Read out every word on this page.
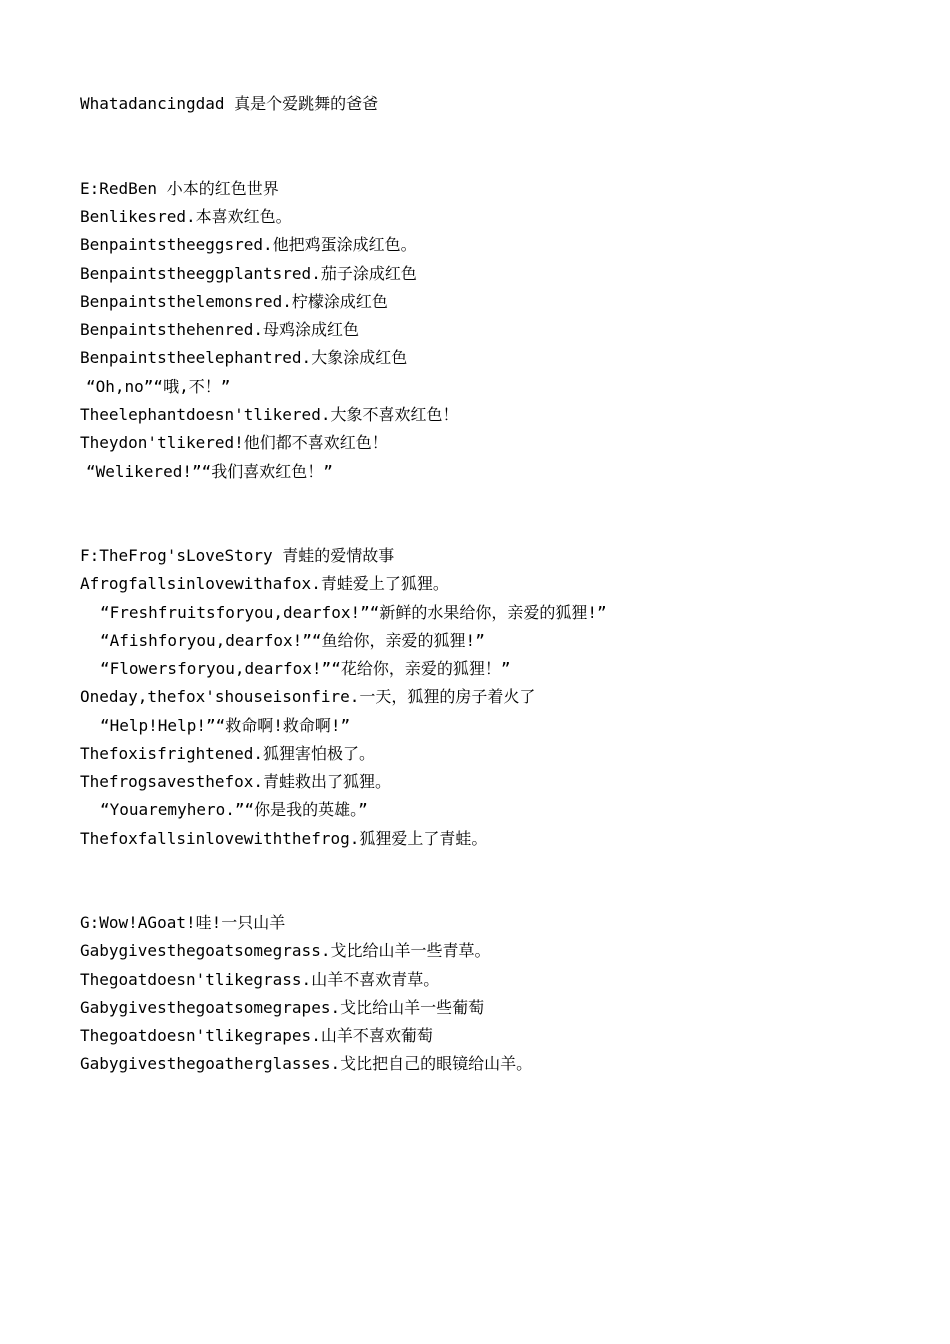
Whatadancingdad 真是个爱跳舞的爸爸
E:RedBen 小本的红色世界
Benlikesred.本喜欢红色。
Benpaintstheeggsred.他把鸡蛋涂成红色。
Benpaintstheeggplantsred.茄子涂成红色
Benpaintsthelemonsred.柠檬涂成红色
Benpaintsthehenred.母鸡涂成红色
Benpaintstheelephantred.大象涂成红色
“Oh,no”“哦,不！”
Theelephantdoesn'tlikered.大象不喜欢红色！
Theydon'tlikered!他们都不喜欢红色！
“Welikered!”“我们喜欢红色！”
F:TheFrog'sLoveStory 青蛙的爱情故事
Afrogfallsinlovewithafox.青蛙爱上了狐狸。
“Freshfruitsforyou,dearfox!”“新鲜的水果给你，亲爱的狐狸!”
“Afishforyou,dearfox!”“鱼给你，亲爱的狐狸!”
“Flowersforyou,dearfox!”“花给你，亲爱的狐狸！”
Oneday,thefox'shouseisonfire.一天，狐狸的房子着火了
“Help!Help!”“救命啊!救命啊!”
Thefoxisfrightened.狐狸害怕极了。
Thefrogsavesthefox.青蛙救出了狐狸。
“Youaremyhero.”“你是我的英雄。”
Thefoxfallsinlovewiththefrog.狐狸爱上了青蛙。
G:Wow!AGoat!哇!一只山羊
Gabygivesthegoatsomegrass.戈比给山羊一些青草。
Thegoatdoesn'tlikegrass.山羊不喜欢青草。
Gabygivesthegoatsomegrapes.戈比给山羊一些葡萄
Thegoatdoesn'tlikegrapes.山羊不喜欢葡萄
Gabygivesthegoatherglasses.戈比把自己的眼镜给山羊。
